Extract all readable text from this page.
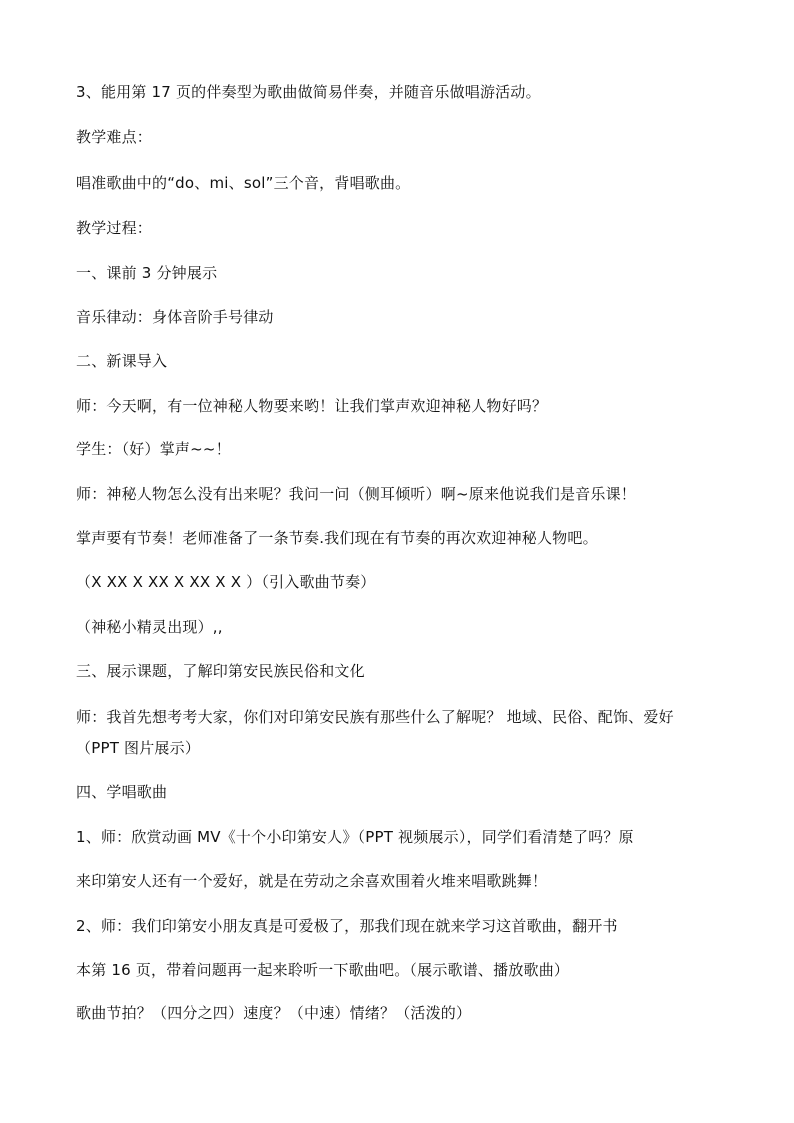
3、能用第 17 页的伴奏型为歌曲做简易伴奏，并随音乐做唱游活动。
教学难点：
唱准歌曲中的“do、mi、sol”三个音，背唱歌曲。
教学过程：
一、课前 3 分钟展示
音乐律动：身体音阶手号律动
二、新课导入
师：今天啊，有一位神秘人物要来哟！让我们掌声欢迎神秘人物好吗？
学生：（好）掌声~~！
师：神秘人物怎么没有出来呢？我问一问（侧耳倾听）啊~原来他说我们是音乐课！
掌声要有节奏！老师准备了一条节奏.我们现在有节奏的再次欢迎神秘人物吧。
（X XX X XX X XX X X ）（引入歌曲节奏）
（神秘小精灵出现）,,
三、展示课题，了解印第安民族民俗和文化
师：我首先想考考大家，你们对印第安民族有那些什么了解呢？ 地域、民俗、配饰、爱好
（PPT 图片展示）
四、学唱歌曲
1、师：欣赏动画 MV《十个小印第安人》（PPT 视频展示），同学们看清楚了吗？原
来印第安人还有一个爱好，就是在劳动之余喜欢围着火堆来唱歌跳舞！
2、师：我们印第安小朋友真是可爱极了，那我们现在就来学习这首歌曲，翻开书
本第 16 页，带着问题再一起来聆听一下歌曲吧。（展示歌谱、播放歌曲）
歌曲节拍？（四分之四）速度？（中速）情绪？（活泼的）
